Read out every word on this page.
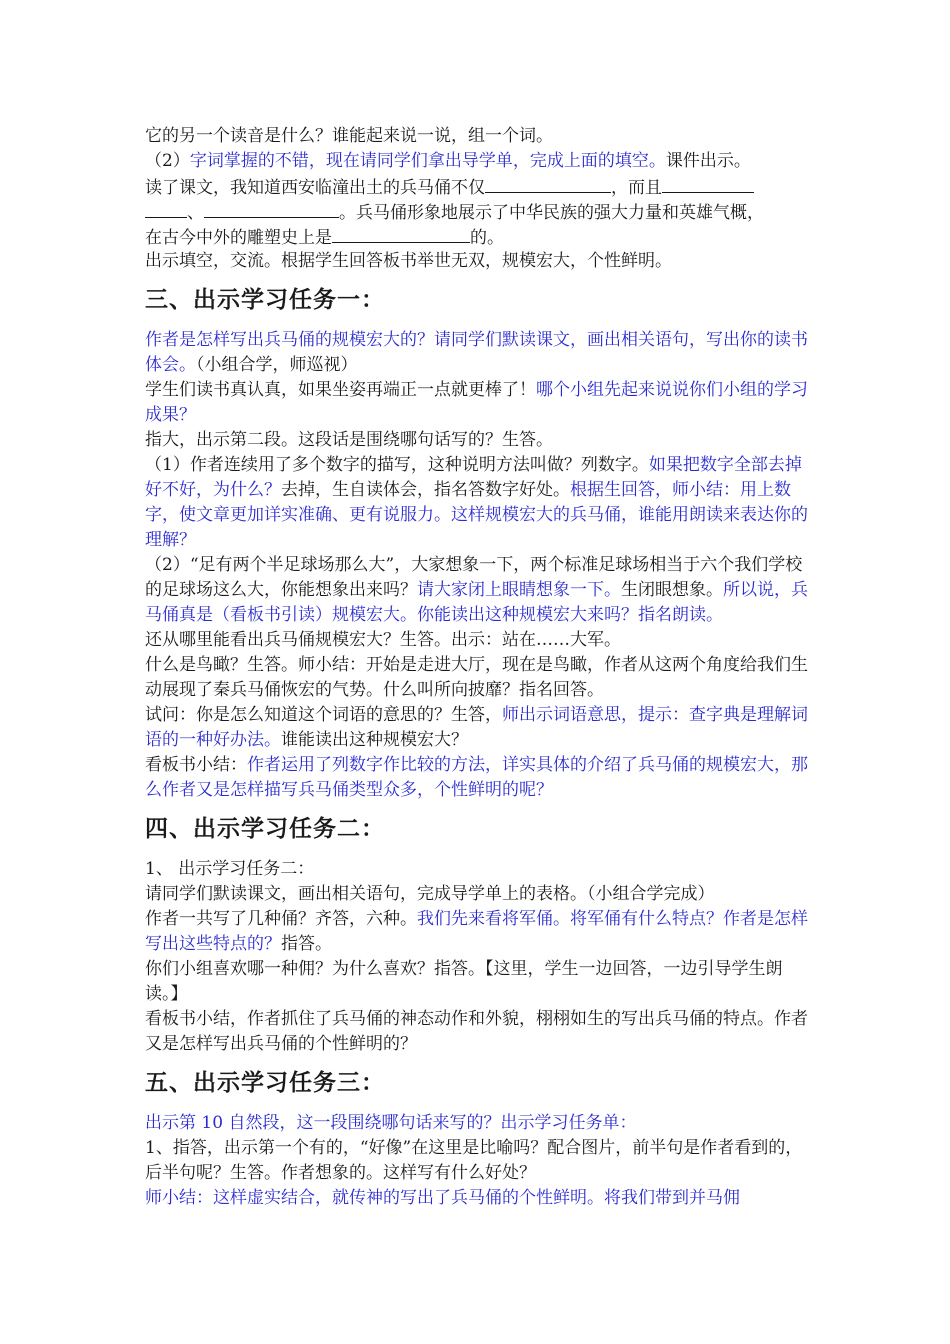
它的另一个读音是什么？谁能起来说一说，组一个词。

（2）字词掌握的不错，现在请同学们拿出导学单，完成上面的填空。课件出示。

读了课文，我知道西安临潼出土的兵马俑不仅	，而且

、	。兵马俑形象地展示了中华民族的强大力量和英雄气概，

在古今中外的雕塑史上是	的。

出示填空，交流。根据学生回答板书举世无双，规模宏大，个性鲜明。

三、出示学习任务一：

作者是怎样写出兵马俑的规模宏大的？请同学们默读课文，画出相关语句，写出你的读书体会。（小组合学，师巡视）

学生们读书真认真，如果坐姿再端正一点就更棒了！哪个小组先起来说说你们小组的学习成果？

指大，出示第二段。这段话是围绕哪句话写的？生答。

（1）作者连续用了多个数字的描写，这种说明方法叫做？列数字。如果把数字全部去掉好不好，为什么？去掉，生自读体会，指名答数字好处。根据生回答，师小结：用上数字，使文章更加详实准确、更有说服力。这样规模宏大的兵马俑，谁能用朗读来表达你的理解？

（2）“足有两个半足球场那么大”，大家想象一下，两个标准足球场相当于六个我们学校的足球场这么大，你能想象出来吗？请大家闭上眼睛想象一下。生闭眼想象。所以说，兵马俑真是（看板书引读）规模宏大。你能读出这种规模宏大来吗？指名朗读。

还从哪里能看出兵马俑规模宏大？生答。出示：站在……大军。

什么是鸟瞰？生答。师小结：开始是走进大厅，现在是鸟瞰，作者从这两个角度给我们生动展现了秦兵马俑恢宏的气势。什么叫所向披靡？指名回答。

试问：你是怎么知道这个词语的意思的？生答，师出示词语意思，提示：查字典是理解词语的一种好办法。谁能读出这种规模宏大？

看板书小结：作者运用了列数字作比较的方法，详实具体的介绍了兵马俑的规模宏大，那么作者又是怎样描写兵马俑类型众多，个性鲜明的呢？

四、出示学习任务二：

1、 出示学习任务二：

请同学们默读课文，画出相关语句，完成导学单上的表格。（小组合学完成）

作者一共写了几种俑？齐答，六种。我们先来看将军俑。将军俑有什么特点？作者是怎样写出这些特点的？指答。

你们小组喜欢哪一种佣？为什么喜欢？指答。【这里，学生一边回答，一边引导学生朗读。】

看板书小结，作者抓住了兵马俑的神态动作和外貌，栩栩如生的写出兵马俑的特点。作者又是怎样写出兵马俑的个性鲜明的？

五、出示学习任务三：

出示第 10 自然段，这一段围绕哪句话来写的？出示学习任务单：

1、指答，出示第一个有的，“好像”在这里是比喻吗？配合图片，前半句是作者看到的，后半句呢？生答。作者想象的。这样写有什么好处？

师小结：这样虚实结合，就传神的写出了兵马俑的个性鲜明。将我们带到并马佣
